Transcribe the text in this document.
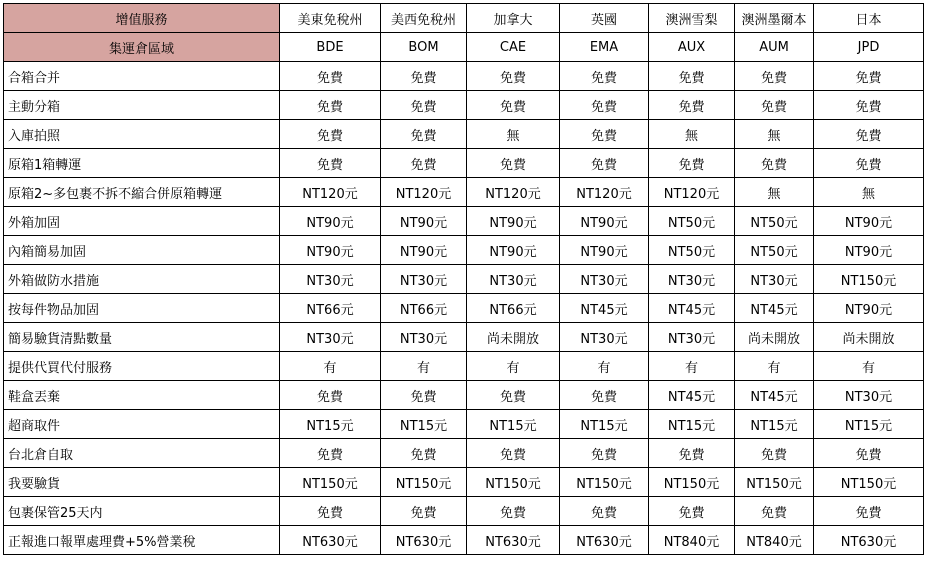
增值服務	美東免稅州	美西免稅州	加拿大	英國	澳洲雪梨	澳洲墨爾本	日本
集運倉區域	BDE	BOM	CAE	EMA	AUX	AUM	JPD
合箱合并	免費	免費	免費	免費	免費	免費	免費
主動分箱	免費	免費	免費	免費	免費	免費	免費
入庫拍照	免費	免費	無	免費	無	無	免費
原箱1箱轉運	免費	免費	免費	免費	免費	免費	免費
原箱2~多包裹不拆不縮合併原箱轉運	NT120元	NT120元	NT120元	NT120元	NT120元	無	無
外箱加固	NT90元	NT90元	NT90元	NT90元	NT50元	NT50元	NT90元
內箱簡易加固	NT90元	NT90元	NT90元	NT90元	NT50元	NT50元	NT90元
外箱做防水措施	NT30元	NT30元	NT30元	NT30元	NT30元	NT30元	NT150元
按每件物品加固	NT66元	NT66元	NT66元	NT45元	NT45元	NT45元	NT90元
簡易驗貨清點數量	NT30元	NT30元	尚未開放	NT30元	NT30元	尚未開放	尚未開放
提供代買代付服務	有	有	有	有	有	有	有
鞋盒丟棄	免費	免費	免費	免費	NT45元	NT45元	NT30元
超商取件	NT15元	NT15元	NT15元	NT15元	NT15元	NT15元	NT15元
台北倉自取	免費	免費	免費	免費	免費	免費	免費
我要驗貨	NT150元	NT150元	NT150元	NT150元	NT150元	NT150元	NT150元
包裹保管25天内	免費	免費	免費	免費	免費	免費	免費
正報進口報單處理費+5%營業稅	NT630元	NT630元	NT630元	NT630元	NT840元	NT840元	NT630元
